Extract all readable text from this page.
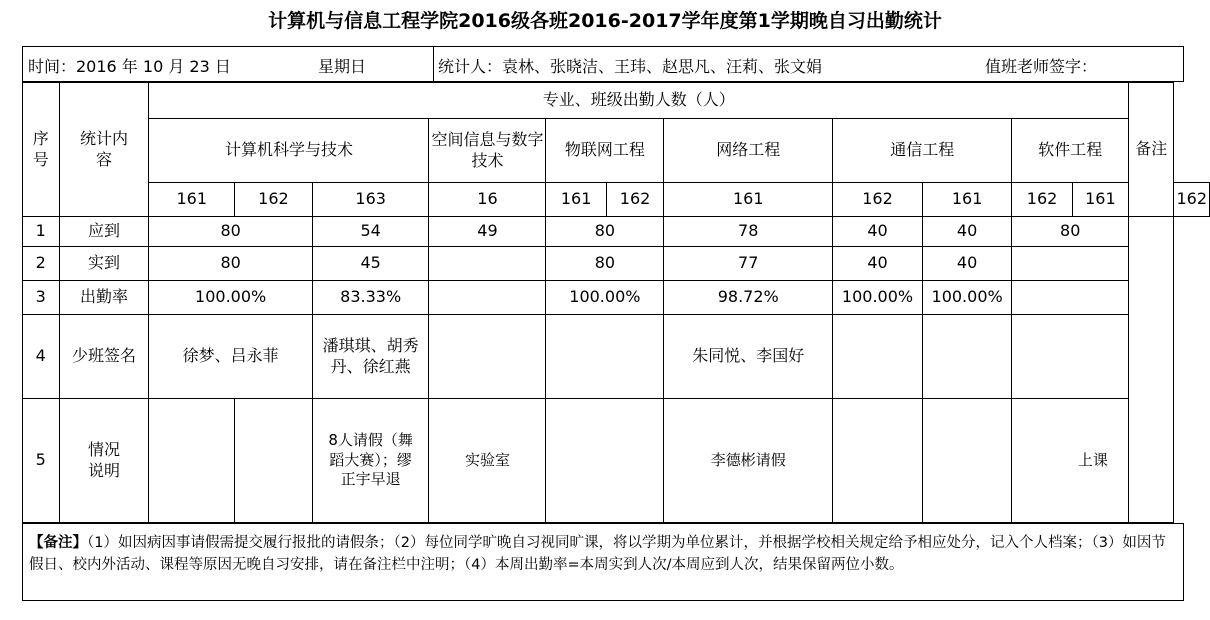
计算机与信息工程学院2016级各班2016-2017学年度第1学期晚自习出勤统计
时间：2016 年 10 月 23 日	星期日	统计人：袁林、张晓洁、王玮、赵思凡、汪莉、张文娟	值班老师签字：
序号	统计内容	专业、班级出勤人数（人）											备注	
		计算机科学与技术			空间信息与数字技术	物联网工程		网络工程	通信工程		软件工程			
		161	162	163	16	161	162	161	162	161	162	161		162
1	应到	80		54	49	80		78	40	40	80			
2	实到	80		45		80		77	40	40				
3	出勤率	100.00%		83.33%		100.00%		98.72%	100.00%	100.00%				
4	少班签名	徐梦、吕永菲		潘琪琪、胡秀丹、徐红燕				朱同悦、李国好						
5	情况说明			8人请假（舞蹈大赛）；缪正宇早退	实验室			李德彬请假			上课			
【备注】（1）如因病因事请假需提交履行报批的请假条；（2）每位同学旷晚自习视同旷课，将以学期为单位累计，并根据学校相关规定给予相应处分，记入个人档案；（3）如因节假日、校内外活动、课程等原因无晚自习安排，请在备注栏中注明；（4）本周出勤率=本周实到人次/本周应到人次，结果保留两位小数。
